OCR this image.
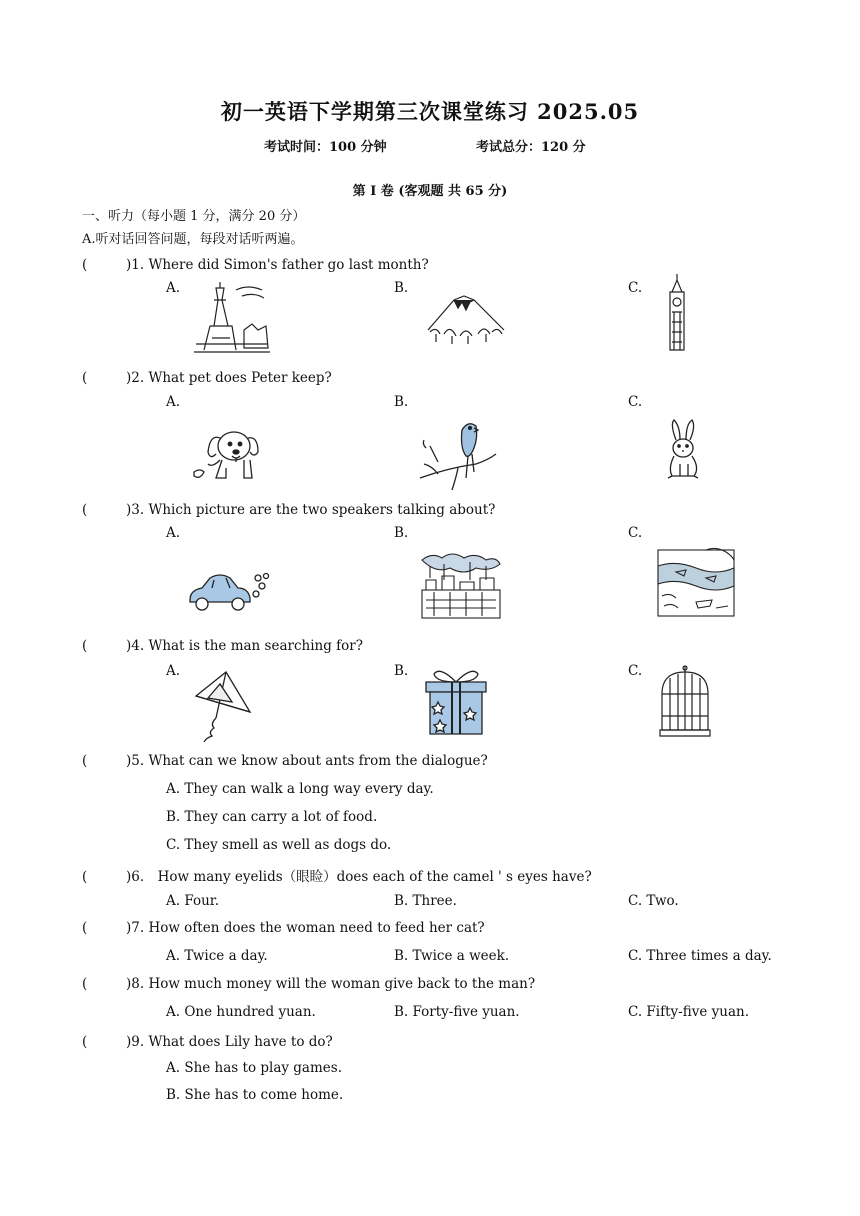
初一英语下学期第三次课堂练习 2025.05
考试时间：100 分钟	考试总分：120 分
第 I 卷 (客观题 共 65 分)
一、听力（每小题 1 分，满分 20 分）
A.听对话回答问题，每段对话听两遍。
(	)1. Where did Simon's father go last month?
A.	B.	C.
(	)2. What pet does Peter keep?
A.	B.	C.
(	)3. Which picture are the two speakers talking about?
A.	B.	C.
(	)4. What is the man searching for?
A.	B.	C.
(	)5. What can we know about ants from the dialogue?
A. They can walk a long way every day.
B. They can carry a lot of food.
C. They smell as well as dogs do.
(	)6． How many eyelids（眼睑）does each of the camel ' s eyes have?
A. Four.	B. Three.	C. Two.
(	)7. How often does the woman need to feed her cat?
A. Twice a day.	B. Twice a week.	C. Three times a day.
(	)8. How much money will the woman give back to the man?
A. One hundred yuan.	B. Forty-five yuan.	C. Fifty-five yuan.
(	)9. What does Lily have to do?
A. She has to play games.
B. She has to come home.
